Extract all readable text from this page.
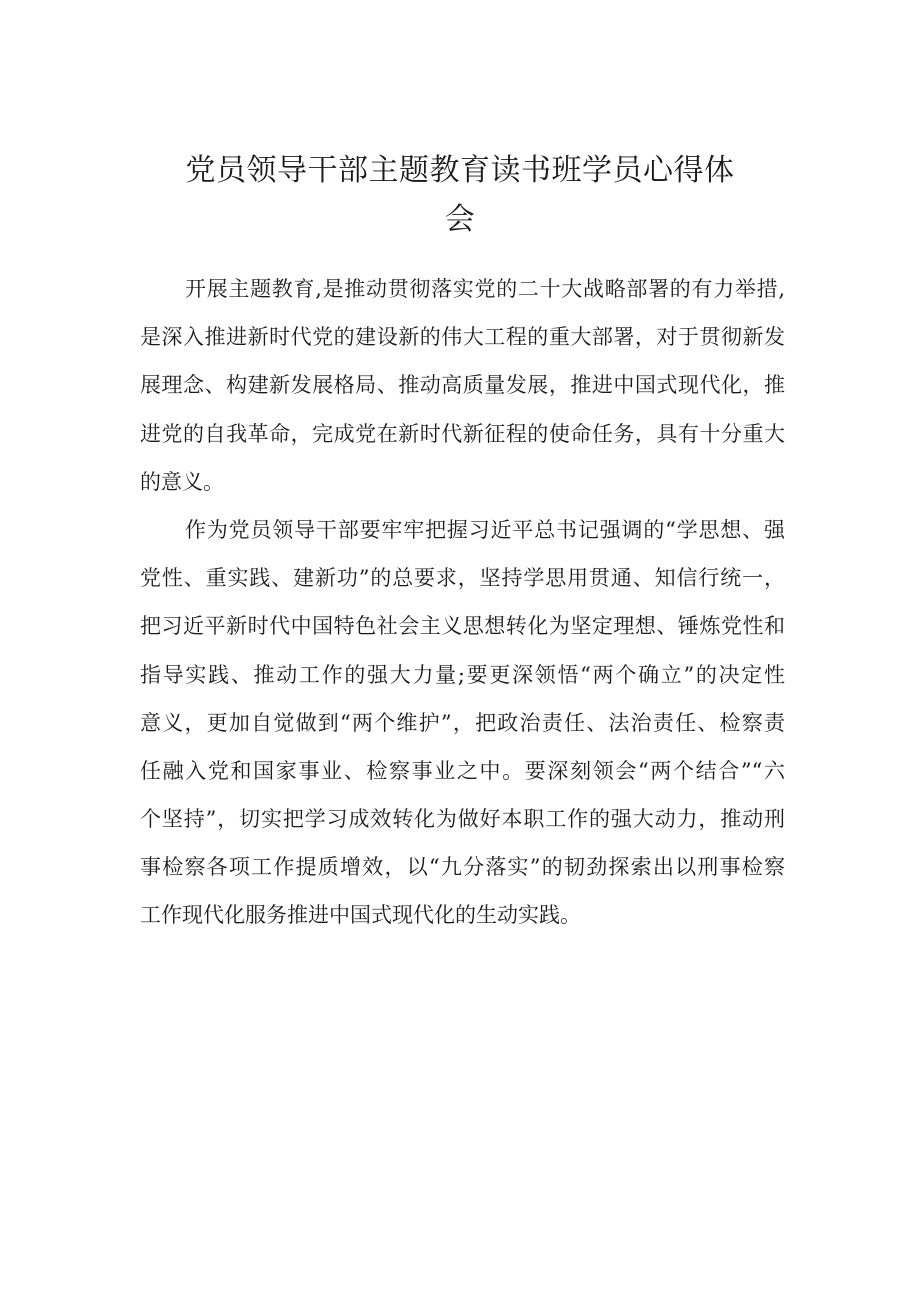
党员领导干部主题教育读书班学员心得体
会

开展主题教育,是推动贯彻落实党的二十大战略部署的有力举措,
是深入推进新时代党的建设新的伟大工程的重大部署，对于贯彻新发
展理念、构建新发展格局、推动高质量发展，推进中国式现代化，推
进党的自我革命，完成党在新时代新征程的使命任务，具有十分重大
的意义。

作为党员领导干部要牢牢把握习近平总书记强调的“学思想、强
党性、重实践、建新功”的总要求，坚持学思用贯通、知信行统一，
把习近平新时代中国特色社会主义思想转化为坚定理想、锤炼党性和
指导实践、推动工作的强大力量;要更深领悟“两个确立”的决定性
意义，更加自觉做到“两个维护”，把政治责任、法治责任、检察责
任融入党和国家事业、检察事业之中。要深刻领会“两个结合”“六
个坚持”，切实把学习成效转化为做好本职工作的强大动力，推动刑
事检察各项工作提质增效，以“九分落实”的韧劲探索出以刑事检察
工作现代化服务推进中国式现代化的生动实践。
